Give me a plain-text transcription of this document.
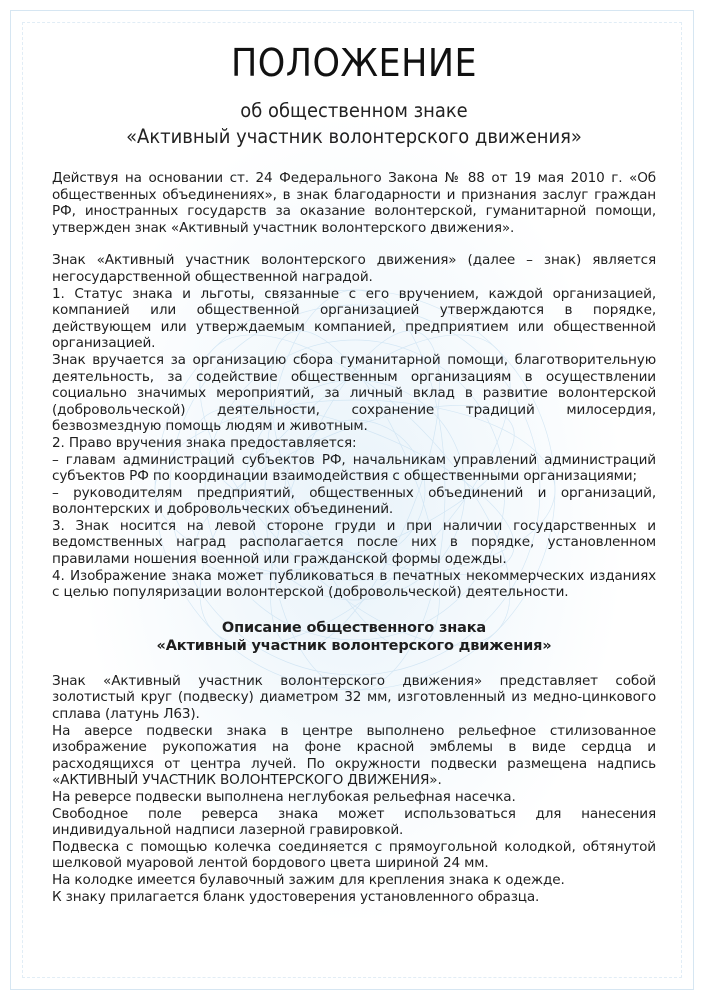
ПОЛОЖЕНИЕ
об общественном знаке
«Активный участник волонтерского движения»

Действуя на основании ст. 24 Федерального Закона № 88 от 19 мая 2010 г. «Об общественных объединениях», в знак благодарности и признания заслуг граждан РФ, иностранных государств за оказание волонтерской, гуманитарной помощи, утвержден знак «Активный участник волонтерского движения».

Знак «Активный участник волонтерского движения» (далее – знак) является негосударственной общественной наградой.

1. Статус знака и льготы, связанные с его вручением, каждой организацией, компанией или общественной организацией утверждаются в порядке, действующем или утверждаемым компанией, предприятием или общественной организацией.

Знак вручается за организацию сбора гуманитарной помощи, благотворительную деятельность, за содействие общественным организациям в осуществлении социально значимых мероприятий, за личный вклад в развитие волонтерской (добровольческой) деятельности, сохранение традиций милосердия, безвозмездную помощь людям и животным.

2. Право вручения знака предоставляется:

– главам администраций субъектов РФ, начальникам управлений администраций субъектов РФ по координации взаимодействия с общественными организациями;

– руководителям предприятий, общественных объединений и организаций, волонтерских и добровольческих объединений.

3. Знак носится на левой стороне груди и при наличии государственных и ведомственных наград располагается после них в порядке, установленном правилами ношения военной или гражданской формы одежды.

4. Изображение знака может публиковаться в печатных некоммерческих изданиях с целью популяризации волонтерской (добровольческой) деятельности.

Описание общественного знака
«Активный участник волонтерского движения»

Знак «Активный участник волонтерского движения» представляет собой золотистый круг (подвеску) диаметром 32 мм, изготовленный из медно-цинкового сплава (латунь Л63).

На аверсе подвески знака в центре выполнено рельефное стилизованное изображение рукопожатия на фоне красной эмблемы в виде сердца и расходящихся от центра лучей. По окружности подвески размещена надпись «АКТИВНЫЙ УЧАСТНИК ВОЛОНТЕРСКОГО ДВИЖЕНИЯ».

На реверсе подвески выполнена неглубокая рельефная насечка.

Свободное поле реверса знака может использоваться для нанесения индивидуальной надписи лазерной гравировкой.

Подвеска с помощью колечка соединяется с прямоугольной колодкой, обтянутой шелковой муаровой лентой бордового цвета шириной 24 мм.

На колодке имеется булавочный зажим для крепления знака к одежде.

К знаку прилагается бланк удостоверения установленного образца.
